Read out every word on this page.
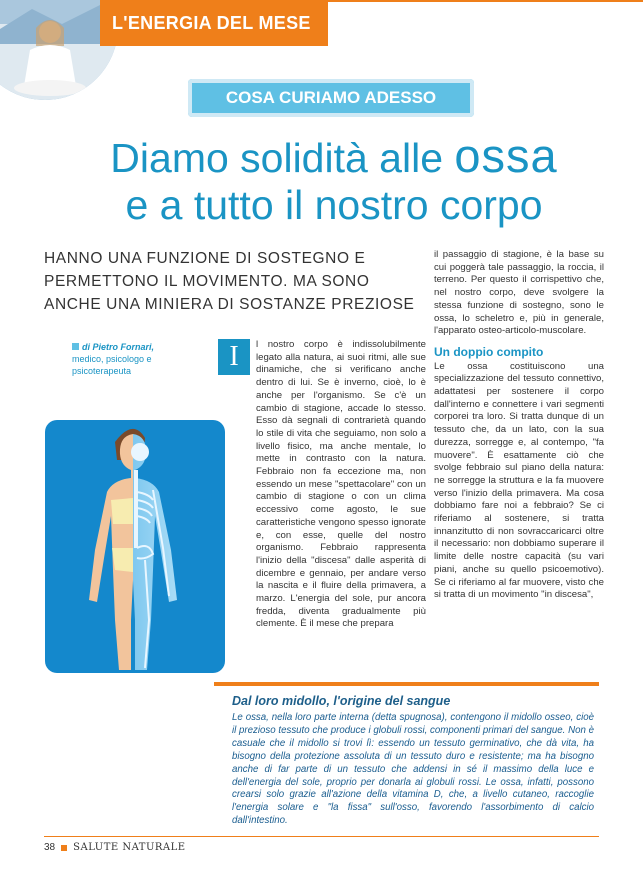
L'ENERGIA DEL MESE
COSA CURIAMO ADESSO
Diamo solidità alle ossa
e a tutto il nostro corpo
HANNO UNA FUNZIONE DI SOSTEGNO E PERMETTONO IL MOVIMENTO. MA SONO ANCHE UNA MINIERA DI SOSTANZE PREZIOSE
di Pietro Fornari,
medico, psicologo e psicoterapeuta	I	l nostro corpo è indissolubilmente legato alla natura, ai suoi ritmi, alle sue dinamiche, che si verificano anche dentro di lui. Se è inverno, cioè, lo è anche per l'organismo. Se c'è un cambio di stagione, accade lo stesso. Esso dà segnali di contrarietà quando lo stile di vita che seguiamo, non solo a livello fisico, ma anche mentale, lo mette in contrasto con la natura. Febbraio non fa eccezione ma, non essendo un mese "spettacolare" con un cambio di stagione o con un clima eccessivo come agosto, le sue caratteristiche vengono spesso ignorate e, con esse, quelle del nostro organismo. Febbraio rappresenta l'inizio della "discesa" dalle asperità di dicembre e gennaio, per andare verso la nascita e il fluire della primavera, a marzo. L'energia del sole, pur ancora fredda, diventa gradualmente più clemente. È il mese che prepara

il passaggio di stagione, è la base su cui poggerà tale passaggio, la roccia, il terreno. Per questo il corrispettivo che, nel nostro corpo, deve svolgere la stessa funzione di sostegno, sono le ossa, lo scheletro e, più in generale, l'apparato osteo-articolo-muscolare.

Un doppio compito

Le ossa costituiscono una specializzazione del tessuto connettivo, adattatesi per sostenere il corpo dall'interno e connettere i vari segmenti corporei tra loro. Si tratta dunque di un tessuto che, da un lato, con la sua durezza, sorregge e, al contempo, "fa muovere". È esattamente ciò che svolge febbraio sul piano della natura: ne sorregge la struttura e la fa muovere verso l'inizio della primavera. Ma cosa dobbiamo fare noi a febbraio? Se ci riferiamo al sostenere, si tratta innanzitutto di non sovraccaricarci oltre il necessario: non dobbiamo superare il limite delle nostre capacità (su vari piani, anche su quello psicoemotivo). Se ci riferiamo al far muovere, visto che si tratta di un movimento "in discesa",

Dal loro midollo, l'origine del sangue
Le ossa, nella loro parte interna (detta spugnosa), contengono il midollo osseo, cioè il prezioso tessuto che produce i globuli rossi, componenti primari del sangue. Non è casuale che il midollo si trovi lì: essendo un tessuto germinativo, che dà vita, ha bisogno della protezione assoluta di un tessuto duro e resistente; ma ha bisogno anche di far parte di un tessuto che addensi in sé il massimo della luce e dell'energia del sole, proprio per donarla ai globuli rossi. Le ossa, infatti, possono crearsi solo grazie all'azione della vitamina D, che, a livello cutaneo, raccoglie l'energia solare e "la fissa" sull'osso, favorendo l'assorbimento di calcio dall'intestino.
38 SALUTE NATURALE
